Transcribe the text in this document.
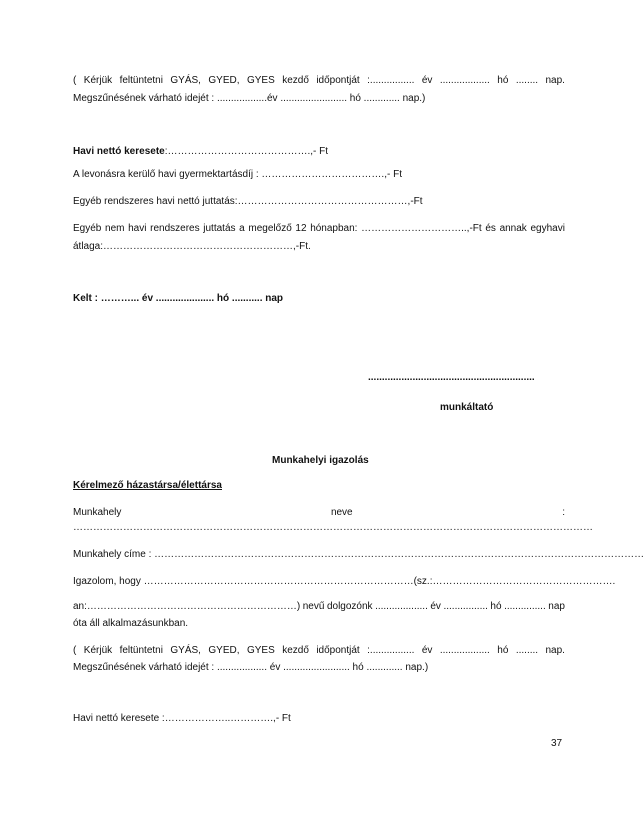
( Kérjük feltüntetni GYÁS, GYED, GYES kezdő időpontját :................ év .................. hó ........ nap.
Megszűnésének várható idejét : ..................év ........................ hó ............. nap.)
Havi nettó keresete:…………………………………….,- Ft
A levonásra kerülő havi gyermektartásdíj : ……………………………….,- Ft
Egyéb rendszeres havi nettó juttatás:……………………………………………,-Ft
Egyéb nem havi rendszeres juttatás a megelőző 12 hónapban: …………………………..,-Ft és annak egyhavi
átlaga:…………………………………………………,-Ft.
Kelt : ………... év ..................... hó ........... nap
............................................................
munkáltató
Munkahelyi igazolás
Kérelmező házastársa/élettársa
Munkahely	neve	:
…………………………………………………………………………………………………………………………………………
Munkahely címe : …………………………………………………………………………………………………………………………………
Igazolom, hogy ………………………………………………………………………(sz.:……………………………………………….
an:………………………………………………………) nevű dolgozónk ................... év ................ hó ............... nap
óta áll alkalmazásunkban.
( Kérjük feltüntetni GYÁS, GYED, GYES kezdő időpontját :................ év .................. hó ........ nap.
Megszűnésének várható idejét : .................. év ........................ hó ............. nap.)
Havi nettó keresete :………………..………….,- Ft
37
